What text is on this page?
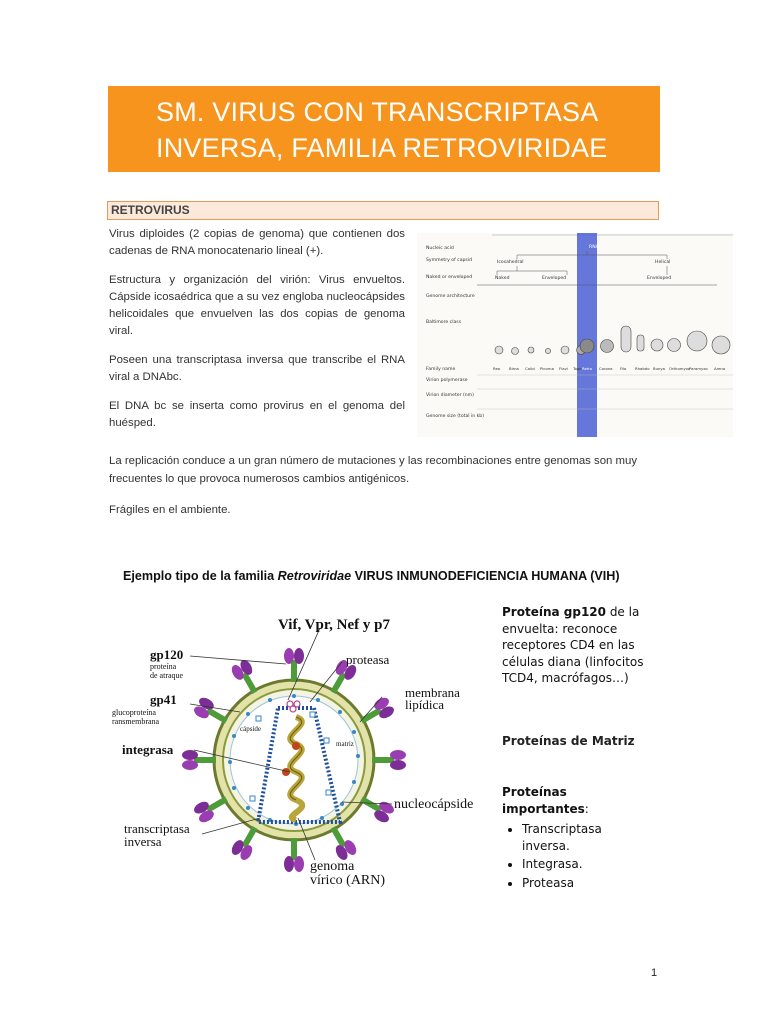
SM. VIRUS CON TRANSCRIPTASA
INVERSA, FAMILIA RETROVIRIDAE
RETROVIRUS

Virus diploides (2 copias de genoma) que contienen dos cadenas de RNA monocatenario lineal (+).

Estructura y organización del virión: Virus envueltos. Cápside icosaédrica que a su vez engloba nucleocápsides helicoidales que envuelven las dos copias de genoma viral.

Poseen una transcriptasa inversa que transcribe el RNA viral a DNAbc.

El DNA bc se inserta como provirus en el genoma del huésped.

Nucleic acid
Symmetry of capsid
Naked or enveloped
Genome architecture
Baltimore class
Family name
Virion polymerase
Virion diameter (nm)
Genome size (total in kb)
RNA
Icosahedral	Helical
Naked	Enveloped	Enveloped
Reo Birna Calici Picorna Flavi Toga Retro Corona Filo Rhabdo Bunya Orthomyxo
Paramyxo Arena

La replicación conduce a un gran número de mutaciones y las recombinaciones entre genomas son muy frecuentes lo que provoca numerosos cambios antigénicos.

Frágiles en el ambiente.

Ejemplo tipo de la familia Retroviridae VIRUS INMUNODEFICIENCIA HUMANA (VIH)
Vif, Vpr, Nef y p7
gp120
proteína
de atraque
proteasa
gp41
glucoproteína
ransmembrana
membrana
lipídica
cápside
matriz
integrasa
nucleocápside
transcriptasa
inversa
genoma
vírico (ARN)
Proteína gp120 de la envuelta: reconoce receptores CD4 en las células diana (linfocitos TCD4, macrófagos…)
Proteínas de Matriz
Proteínas importantes:
• Transcriptasa inversa.
• Integrasa.
• Proteasa
1
